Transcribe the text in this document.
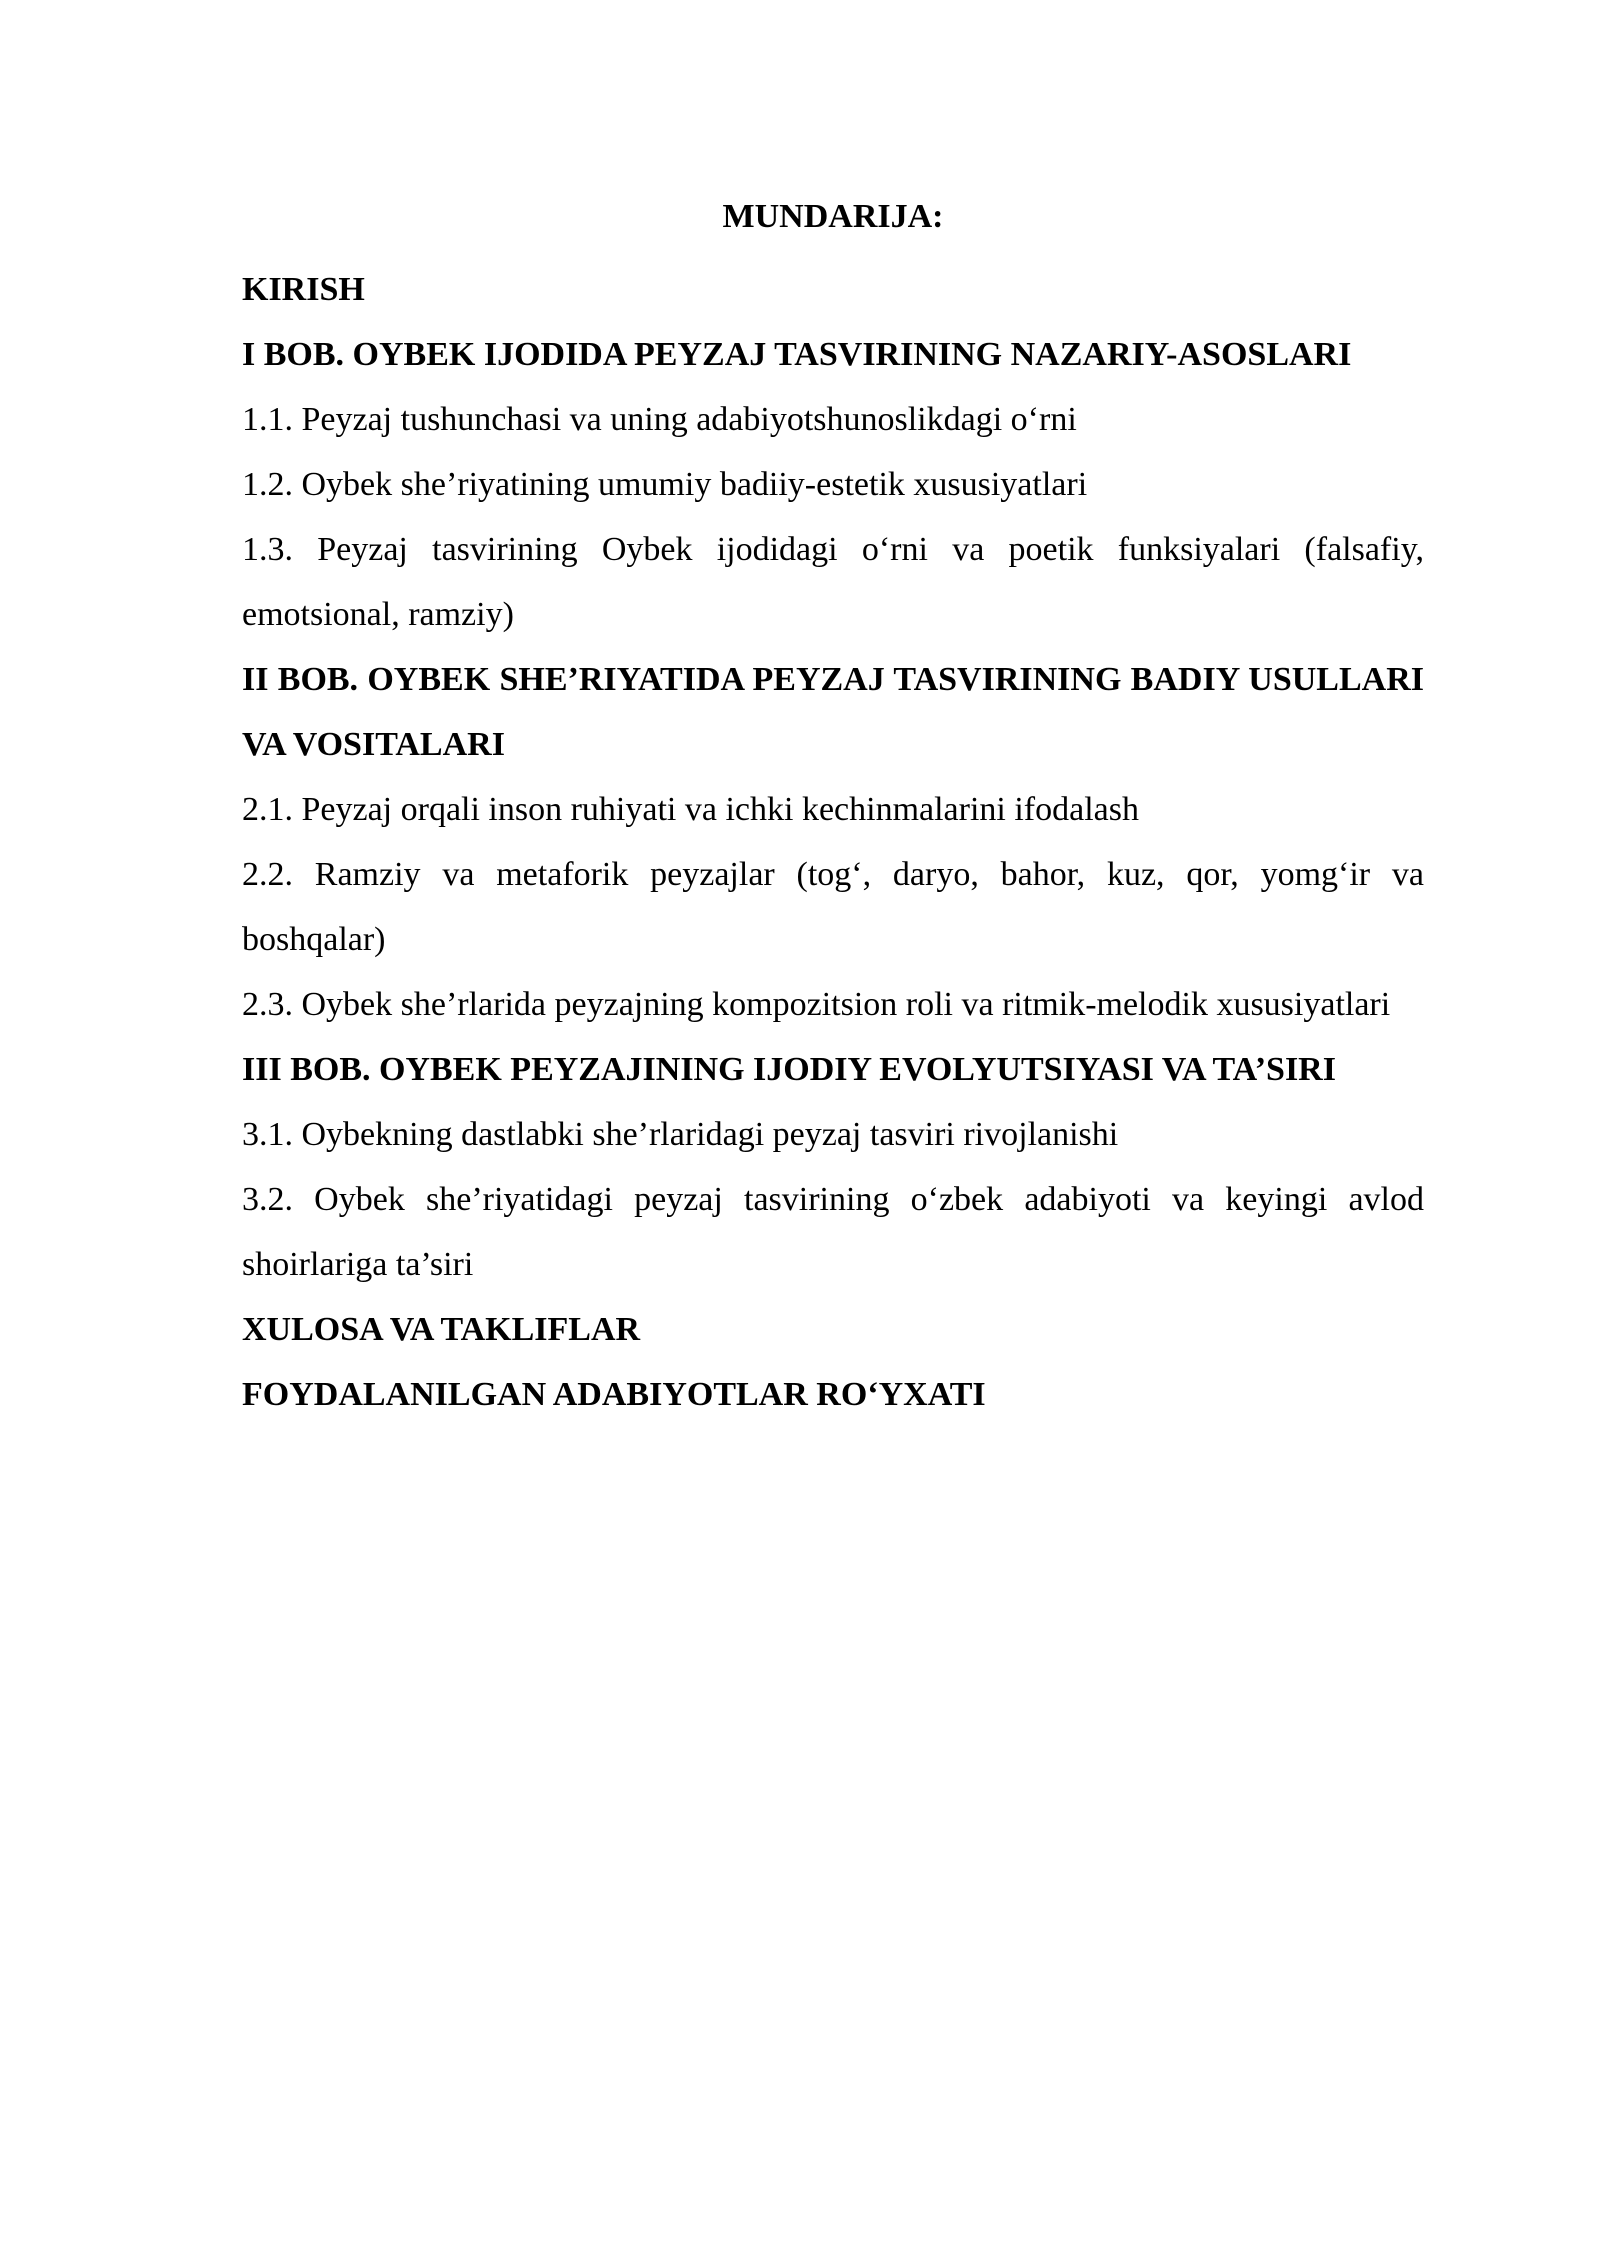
MUNDARIJA:

KIRISH

I BOB. OYBEK IJODIDA PEYZAJ TASVIRINING NAZARIY-ASOSLARI

1.1. Peyzaj tushunchasi va uning adabiyotshunoslikdagi o‘rni

1.2. Oybek she’riyatining umumiy badiiy-estetik xususiyatlari

1.3. Peyzaj tasvirining Oybek ijodidagi o‘rni va poetik funksiyalari (falsafiy, emotsional, ramziy)

II BOB. OYBEK SHE’RIYATIDA PEYZAJ TASVIRINING BADIY USULLARI VA VOSITALARI

2.1. Peyzaj orqali inson ruhiyati va ichki kechinmalarini ifodalash

2.2. Ramziy va metaforik peyzajlar (tog‘, daryo, bahor, kuz, qor, yomg‘ir va boshqalar)

2.3. Oybek she’rlarida peyzajning kompozitsion roli va ritmik-melodik xususiyatlari

III BOB. OYBEK PEYZAJINING IJODIY EVOLYUTSIYASI VA TA’SIRI

3.1. Oybekning dastlabki she’rlaridagi peyzaj tasviri rivojlanishi

3.2. Oybek she’riyatidagi peyzaj tasvirining o‘zbek adabiyoti va keyingi avlod shoirlariga ta’siri

XULOSA VA TAKLIFLAR

FOYDALANILGAN ADABIYOTLAR RO‘YXATI
